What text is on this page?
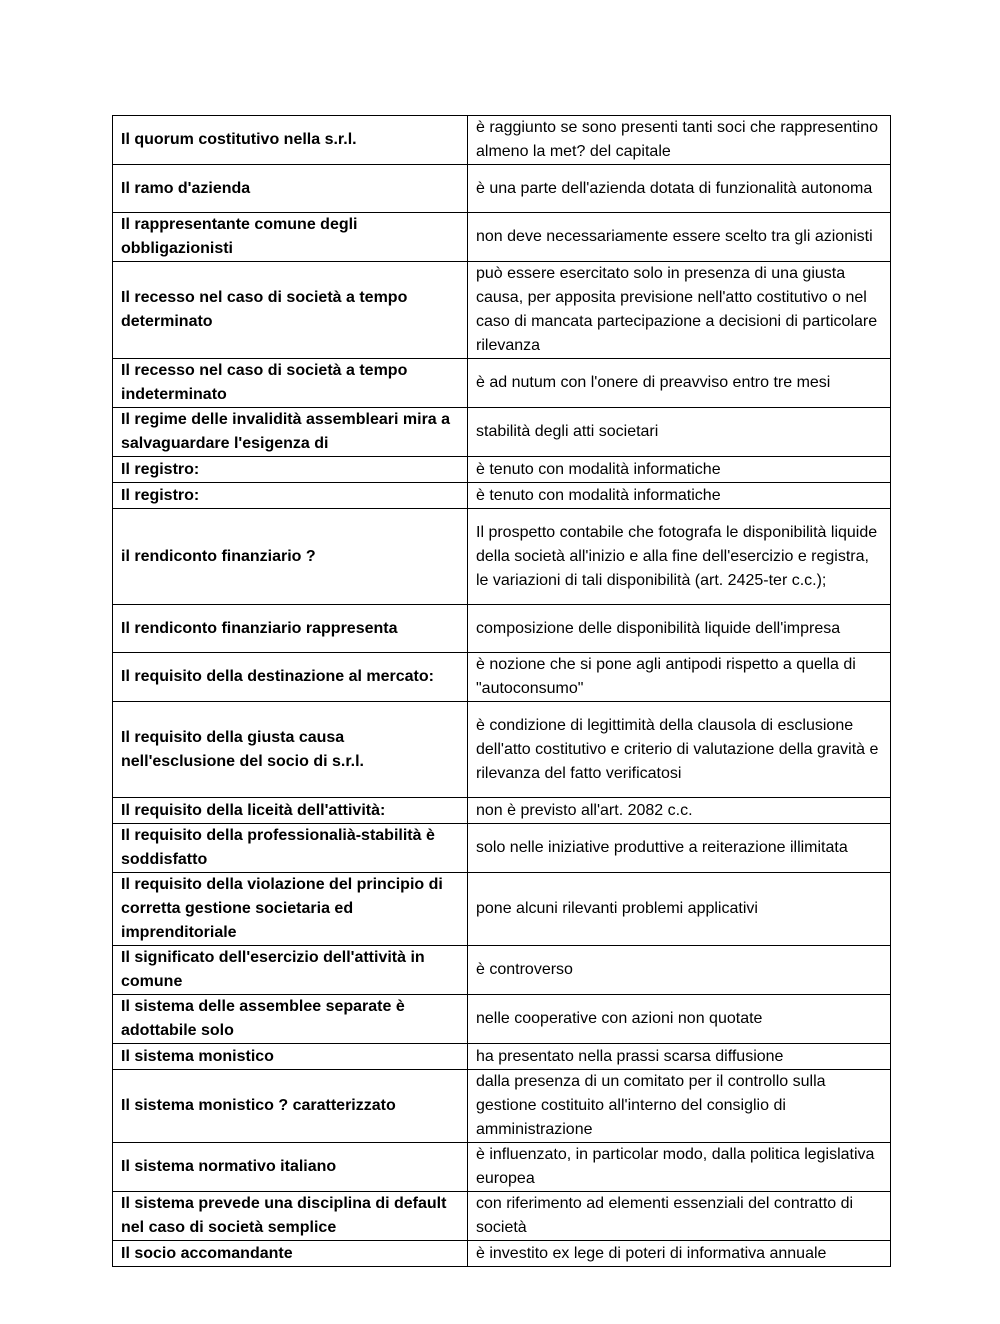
Il quorum costitutivo nella s.r.l.	è raggiunto se sono presenti tanti soci che rappresentino almeno la met? del capitale
Il ramo d'azienda	è una parte dell'azienda dotata di funzionalità autonoma
Il rappresentante comune degli obbligazionisti	non deve necessariamente essere scelto tra gli azionisti
Il recesso nel caso di società a tempo determinato	può essere esercitato solo in presenza di una giusta causa, per apposita previsione nell'atto costitutivo o nel caso di mancata partecipazione a decisioni di particolare rilevanza
Il recesso nel caso di società a tempo indeterminato	è ad nutum con l'onere di preavviso entro tre mesi
Il regime delle invalidità assembleari mira a salvaguardare l'esigenza di	stabilità degli atti societari
Il registro:	è tenuto con modalità informatiche
Il registro:	è tenuto con modalità informatiche
il rendiconto finanziario ?	Il prospetto contabile che fotografa le disponibilità liquide della società all'inizio e alla fine dell'esercizio e registra, le variazioni di tali disponibilità (art. 2425-ter c.c.);
Il rendiconto finanziario rappresenta	composizione delle disponibilità liquide dell'impresa
Il requisito della destinazione al mercato:	è nozione che si pone agli antipodi rispetto a quella di "autoconsumo"
Il requisito della giusta causa nell'esclusione del socio di s.r.l.	è condizione di legittimità della clausola di esclusione dell'atto costitutivo e criterio di valutazione della gravità e rilevanza del fatto verificatosi
Il requisito della liceità dell'attività:	non è previsto all'art. 2082 c.c.
Il requisito della professionalià-stabilità è soddisfatto	solo nelle iniziative produttive a reiterazione illimitata
Il requisito della violazione del principio di corretta gestione societaria ed imprenditoriale	pone alcuni rilevanti problemi applicativi
Il significato dell'esercizio dell'attività in comune	è controverso
Il sistema delle assemblee separate è adottabile solo	nelle cooperative con azioni non quotate
Il sistema monistico	ha presentato nella prassi scarsa diffusione
Il sistema monistico ? caratterizzato	dalla presenza di un comitato per il controllo sulla gestione costituito all'interno del consiglio di amministrazione
Il sistema normativo italiano	è influenzato, in particolar modo, dalla politica legislativa europea
Il sistema prevede una disciplina di default nel caso di società semplice	con riferimento ad elementi essenziali del contratto di società
Il socio accomandante	è investito ex lege di poteri di informativa annuale
